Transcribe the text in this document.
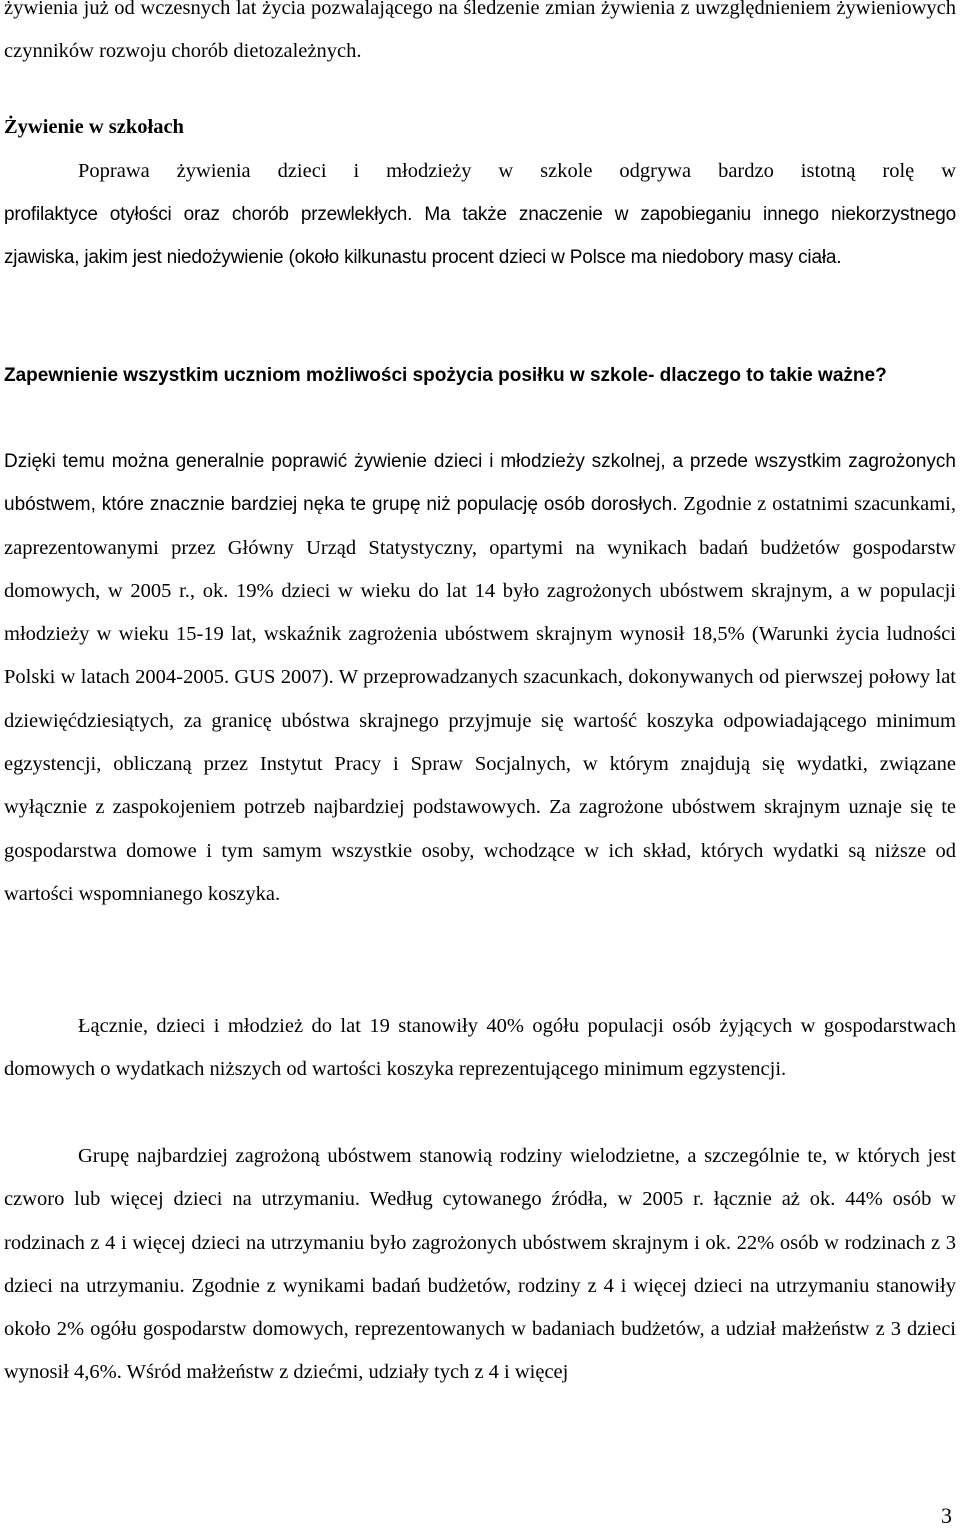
żywienia już od wczesnych lat życia pozwalającego na śledzenie zmian żywienia z uwzględnieniem żywieniowych czynników rozwoju chorób dietozależnych.

Żywienie w szkołach

Poprawa żywienia dzieci i młodzieży w szkole odgrywa bardzo istotną rolę w

profilaktyce otyłości oraz chorób przewlekłych. Ma także znaczenie w zapobieganiu innego niekorzystnego zjawiska, jakim jest niedożywienie (około kilkunastu procent dzieci w Polsce ma niedobory masy ciała.

Zapewnienie wszystkim uczniom możliwości spożycia posiłku w szkole- dlaczego to takie ważne?

Dzięki temu można generalnie poprawić żywienie dzieci i młodzieży szkolnej, a przede wszystkim zagrożonych ubóstwem, które znacznie bardziej nęka te grupę niż populację osób dorosłych. Zgodnie z ostatnimi szacunkami, zaprezentowanymi przez Główny Urząd Statystyczny, opartymi na wynikach badań budżetów gospodarstw domowych, w 2005 r., ok. 19% dzieci w wieku do lat 14 było zagrożonych ubóstwem skrajnym, a w populacji młodzieży w wieku 15-19 lat, wskaźnik zagrożenia ubóstwem skrajnym wynosił 18,5% (Warunki życia ludności Polski w latach 2004-2005. GUS 2007). W przeprowadzanych szacunkach, dokonywanych od pierwszej połowy lat dziewięćdziesiątych, za granicę ubóstwa skrajnego przyjmuje się wartość koszyka odpowiadającego minimum egzystencji, obliczaną przez Instytut Pracy i Spraw Socjalnych, w którym znajdują się wydatki, związane wyłącznie z zaspokojeniem potrzeb najbardziej podstawowych. Za zagrożone ubóstwem skrajnym uznaje się te gospodarstwa domowe i tym samym wszystkie osoby, wchodzące w ich skład, których wydatki są niższe od wartości wspomnianego koszyka.

Łącznie, dzieci i młodzież do lat 19 stanowiły 40% ogółu populacji osób żyjących w gospodarstwach domowych o wydatkach niższych od wartości koszyka reprezentującego minimum egzystencji.

Grupę najbardziej zagrożoną ubóstwem stanowią rodziny wielodzietne, a szczególnie te, w których jest czworo lub więcej dzieci na utrzymaniu. Według cytowanego źródła, w 2005 r. łącznie aż ok. 44% osób w rodzinach z 4 i więcej dzieci na utrzymaniu było zagrożonych ubóstwem skrajnym i ok. 22% osób w rodzinach z 3 dzieci na utrzymaniu. Zgodnie z wynikami badań budżetów, rodziny z 4 i więcej dzieci na utrzymaniu stanowiły około 2% ogółu gospodarstw domowych, reprezentowanych w badaniach budżetów, a udział małżeństw z 3 dzieci wynosił 4,6%. Wśród małżeństw z dziećmi, udziały tych z 4 i więcej

3
